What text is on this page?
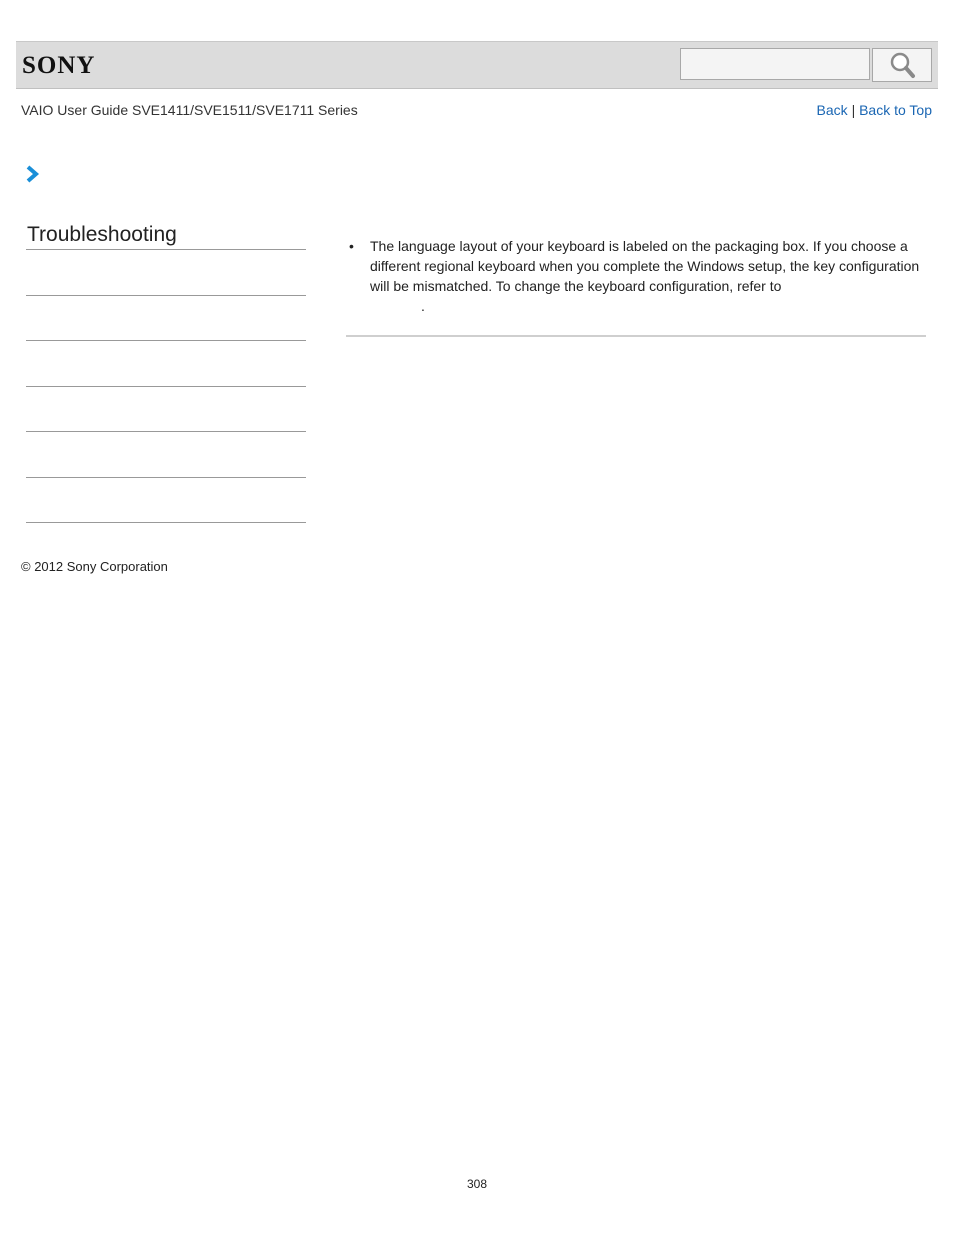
SONY
VAIO User Guide SVE1411/SVE1511/SVE1711 Series	Back | Back to Top
Troubleshooting	•	The language layout of your keyboard is labeled on the packaging box. If you choose a different regional keyboard when you complete the Windows setup, the key configuration will be mismatched. To change the keyboard configuration, refer to
.
© 2012 Sony Corporation
308
